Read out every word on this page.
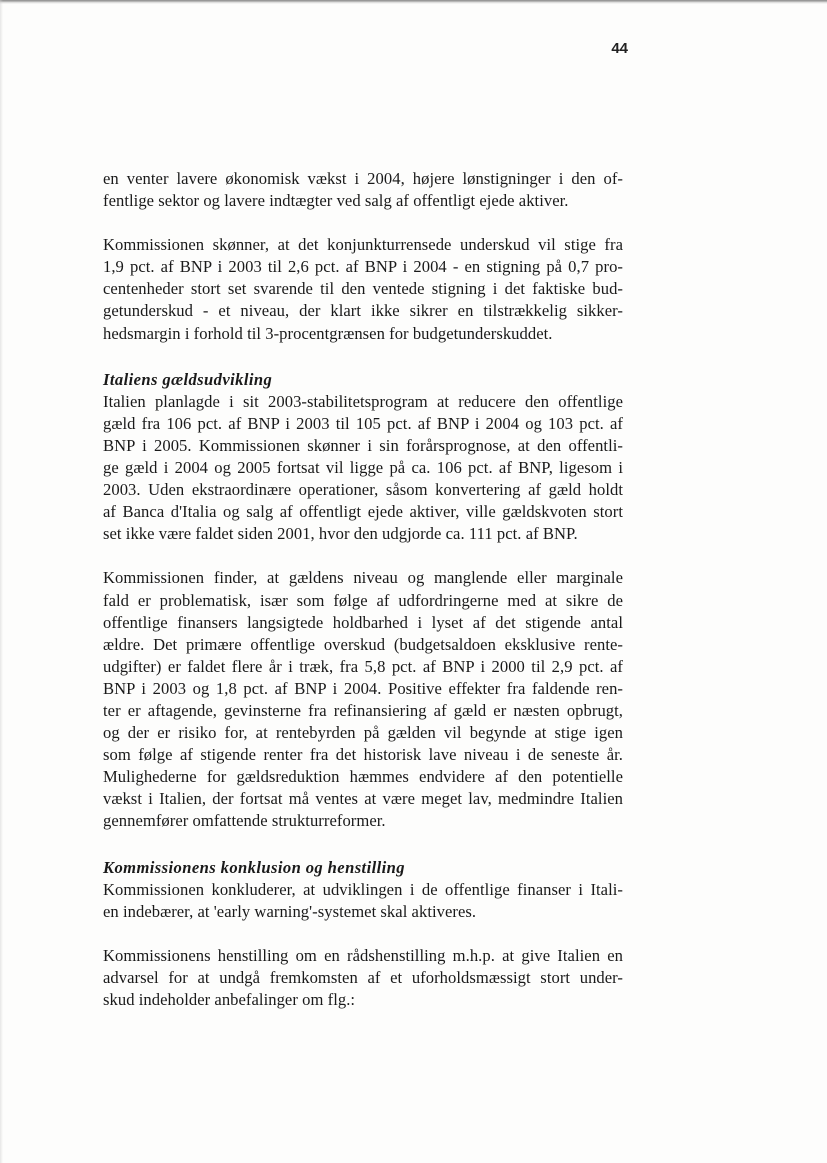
44

en venter lavere økonomisk vækst i 2004, højere lønstigninger i den of-
fentlige sektor og lavere indtægter ved salg af offentligt ejede aktiver.

Kommissionen skønner, at det konjunkturrensede underskud vil stige fra
1,9 pct. af BNP i 2003 til 2,6 pct. af BNP i 2004 - en stigning på 0,7 pro-
centenheder stort set svarende til den ventede stigning i det faktiske bud-
getunderskud - et niveau, der klart ikke sikrer en tilstrækkelig sikker-
hedsmargin i forhold til 3-procentgrænsen for budgetunderskuddet.

Italiens gældsudvikling
Italien planlagde i sit 2003-stabilitetsprogram at reducere den offentlige
gæld fra 106 pct. af BNP i 2003 til 105 pct. af BNP i 2004 og 103 pct. af
BNP i 2005. Kommissionen skønner i sin forårsprognose, at den offentli-
ge gæld i 2004 og 2005 fortsat vil ligge på ca. 106 pct. af BNP, ligesom i
2003. Uden ekstraordinære operationer, såsom konvertering af gæld holdt
af Banca d'Italia og salg af offentligt ejede aktiver, ville gældskvoten stort
set ikke være faldet siden 2001, hvor den udgjorde ca. 111 pct. af BNP.

Kommissionen finder, at gældens niveau og manglende eller marginale
fald er problematisk, især som følge af udfordringerne med at sikre de
offentlige finansers langsigtede holdbarhed i lyset af det stigende antal
ældre. Det primære offentlige overskud (budgetsaldoen eksklusive rente-
udgifter) er faldet flere år i træk, fra 5,8 pct. af BNP i 2000 til 2,9 pct. af
BNP i 2003 og 1,8 pct. af BNP i 2004. Positive effekter fra faldende ren-
ter er aftagende, gevinsterne fra refinansiering af gæld er næsten opbrugt,
og der er risiko for, at rentebyrden på gælden vil begynde at stige igen
som følge af stigende renter fra det historisk lave niveau i de seneste år.
Mulighederne for gældsreduktion hæmmes endvidere af den potentielle
vækst i Italien, der fortsat må ventes at være meget lav, medmindre Italien
gennemfører omfattende strukturreformer.

Kommissionens konklusion og henstilling
Kommissionen konkluderer, at udviklingen i de offentlige finanser i Itali-
en indebærer, at 'early warning'-systemet skal aktiveres.

Kommissionens henstilling om en rådshenstilling m.h.p. at give Italien en
advarsel for at undgå fremkomsten af et uforholdsmæssigt stort under-
skud indeholder anbefalinger om flg.:
